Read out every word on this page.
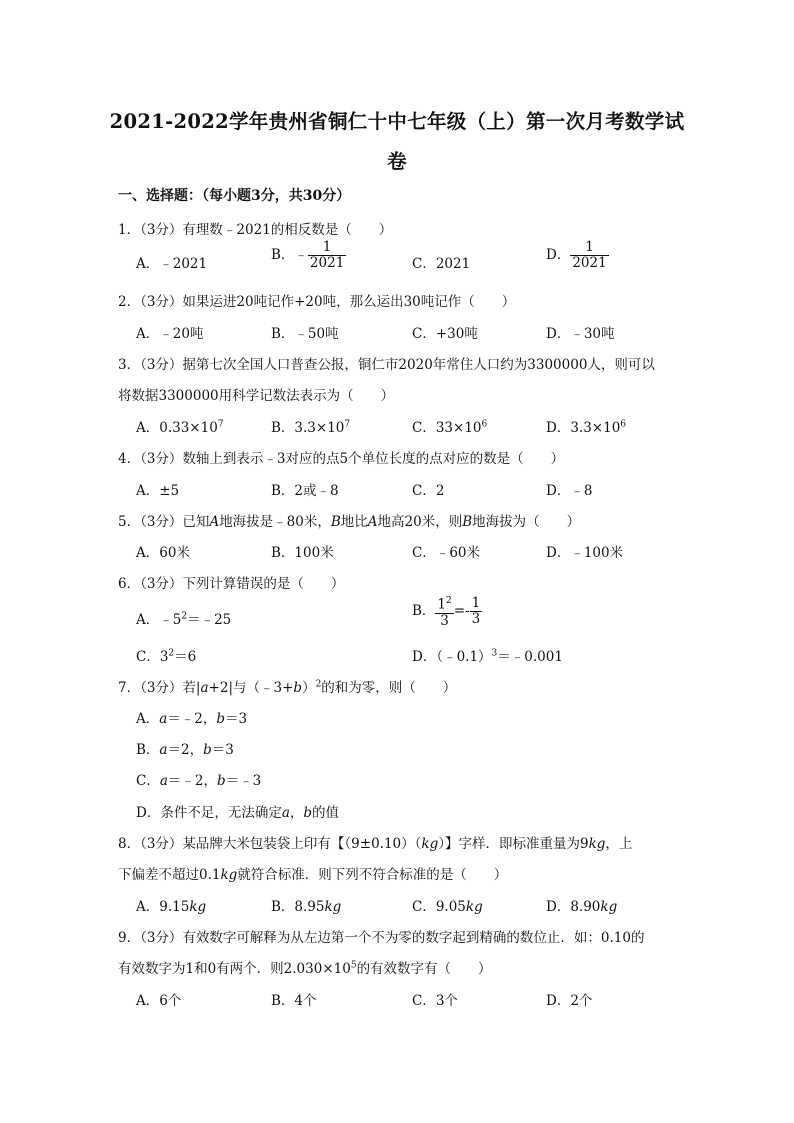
2021-2022学年贵州省铜仁十中七年级（上）第一次月考数学试
卷
一、选择题：（每小题3分，共30分）
1．（3分）有理数﹣2021的相反数是（　　）
A．﹣2021
B．﹣ $\frac{1}{2021}$	C．2021
D． $\frac{1}{2021}$
2．（3分）如果运进20吨记作+20吨，那么运出30吨记作（　　）
A．﹣20吨	B．﹣50吨	C．+30吨	D．﹣30吨
3．（3分）据第七次全国人口普查公报，铜仁市2020年常住人口约为3300000人，则可以
将数据3300000用科学记数法表示为（　　）
A．$0.33\times 10^7$	B．$3.3\times 10^7$	C．$33\times 10^6$	D．$3.3\times 10^6$
4．（3分）数轴上到表示﹣3对应的点5个单位长度的点对应的数是（　　）
A．±5	B．2或﹣8	C．2	D．﹣8
5．（3分）已知A地海拔是﹣80米，B地比A地高20米，则B地海拔为（　　）
A．60米	B．100米	C．﹣60米	D．﹣100米
6．（3分）下列计算错误的是（　　）
A．$﹣5^2=﹣25$
B． $\frac{1^2}{3} =- \frac{1}{3}$
C．$3^2=6$	D．（﹣0.1）$^3$＝﹣0.001
7．（3分）若|a+2|与（﹣3+b）$^2$的和为零，则（　　）
A．a＝﹣2，b＝3
B．a＝2，b＝3
C．a＝﹣2，b＝﹣3
D．条件不足，无法确定a，b的值
8．（3分）某品牌大米包装袋上印有【（9±0.10）（kg）】字样．即标准重量为9kg，上
下偏差不超过0.1kg就符合标准．则下列不符合标准的是（　　）
A．9.15kg	B．8.95kg	C．9.05kg	D．8.90kg
9．（3分）有效数字可解释为从左边第一个不为零的数字起到精确的数位止．如：0.10的
有效数字为1和0有两个．则$2.030\times 10^5$的有效数字有（　　）
A．6个	B．4个	C．3个	D．2个
